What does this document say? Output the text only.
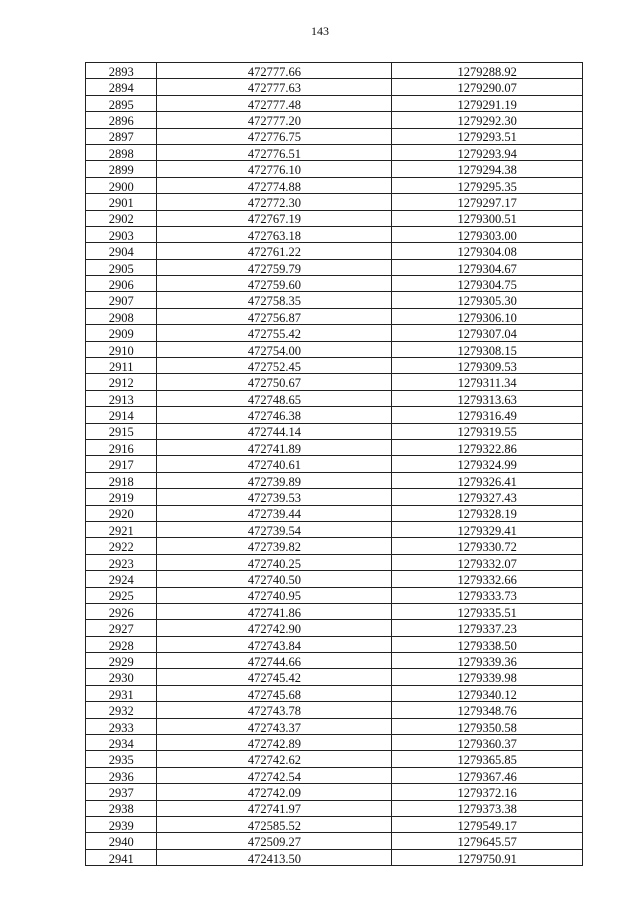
143
2893	472777.66	1279288.92
2894	472777.63	1279290.07
2895	472777.48	1279291.19
2896	472777.20	1279292.30
2897	472776.75	1279293.51
2898	472776.51	1279293.94
2899	472776.10	1279294.38
2900	472774.88	1279295.35
2901	472772.30	1279297.17
2902	472767.19	1279300.51
2903	472763.18	1279303.00
2904	472761.22	1279304.08
2905	472759.79	1279304.67
2906	472759.60	1279304.75
2907	472758.35	1279305.30
2908	472756.87	1279306.10
2909	472755.42	1279307.04
2910	472754.00	1279308.15
2911	472752.45	1279309.53
2912	472750.67	1279311.34
2913	472748.65	1279313.63
2914	472746.38	1279316.49
2915	472744.14	1279319.55
2916	472741.89	1279322.86
2917	472740.61	1279324.99
2918	472739.89	1279326.41
2919	472739.53	1279327.43
2920	472739.44	1279328.19
2921	472739.54	1279329.41
2922	472739.82	1279330.72
2923	472740.25	1279332.07
2924	472740.50	1279332.66
2925	472740.95	1279333.73
2926	472741.86	1279335.51
2927	472742.90	1279337.23
2928	472743.84	1279338.50
2929	472744.66	1279339.36
2930	472745.42	1279339.98
2931	472745.68	1279340.12
2932	472743.78	1279348.76
2933	472743.37	1279350.58
2934	472742.89	1279360.37
2935	472742.62	1279365.85
2936	472742.54	1279367.46
2937	472742.09	1279372.16
2938	472741.97	1279373.38
2939	472585.52	1279549.17
2940	472509.27	1279645.57
2941	472413.50	1279750.91
